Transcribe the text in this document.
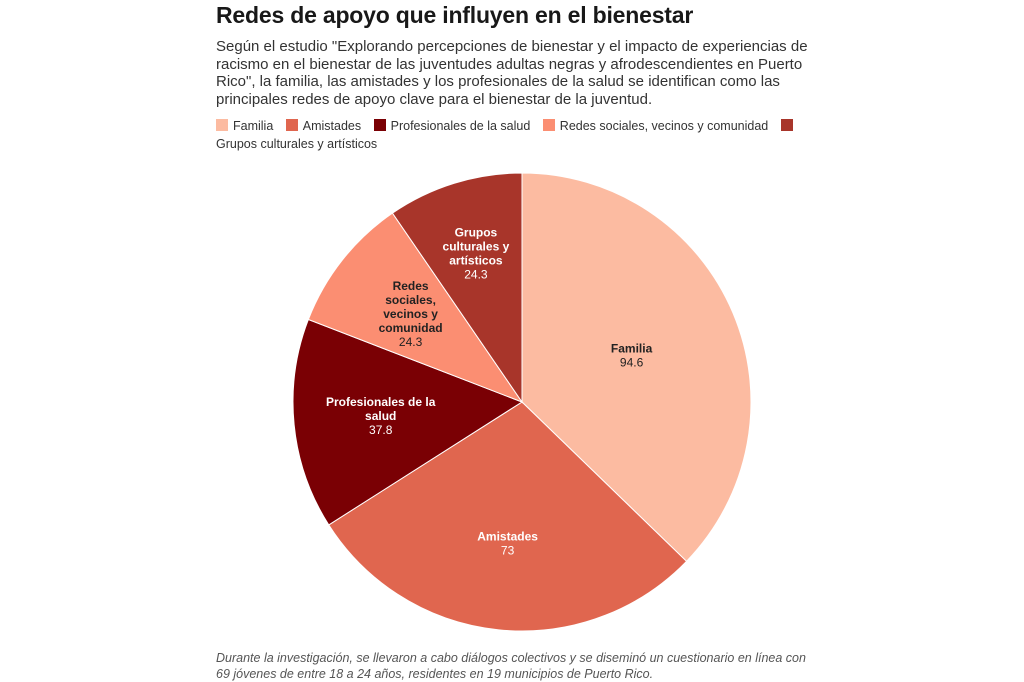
Redes de apoyo que influyen en el bienestar
Según el estudio "Explorando percepciones de bienestar y el impacto de experiencias de racismo en el bienestar de las juventudes adultas negras y afrodescendientes en Puerto Rico", la familia, las amistades y los profesionales de la salud se identifican como las principales redes de apoyo clave para el bienestar de la juventud.
Familia Amistades Profesionales de la salud Redes sociales, vecinos y comunidad Grupos culturales y artísticos
Familia
94.6
Amistades
73
Profesionales de la
salud
37.8
Redes
sociales,
vecinos y
comunidad
24.3
Grupos
culturales y
artísticos
24.3
Durante la investigación, se llevaron a cabo diálogos colectivos y se diseminó un cuestionario en línea con 69 jóvenes de entre 18 a 24 años, residentes en 19 municipios de Puerto Rico.
